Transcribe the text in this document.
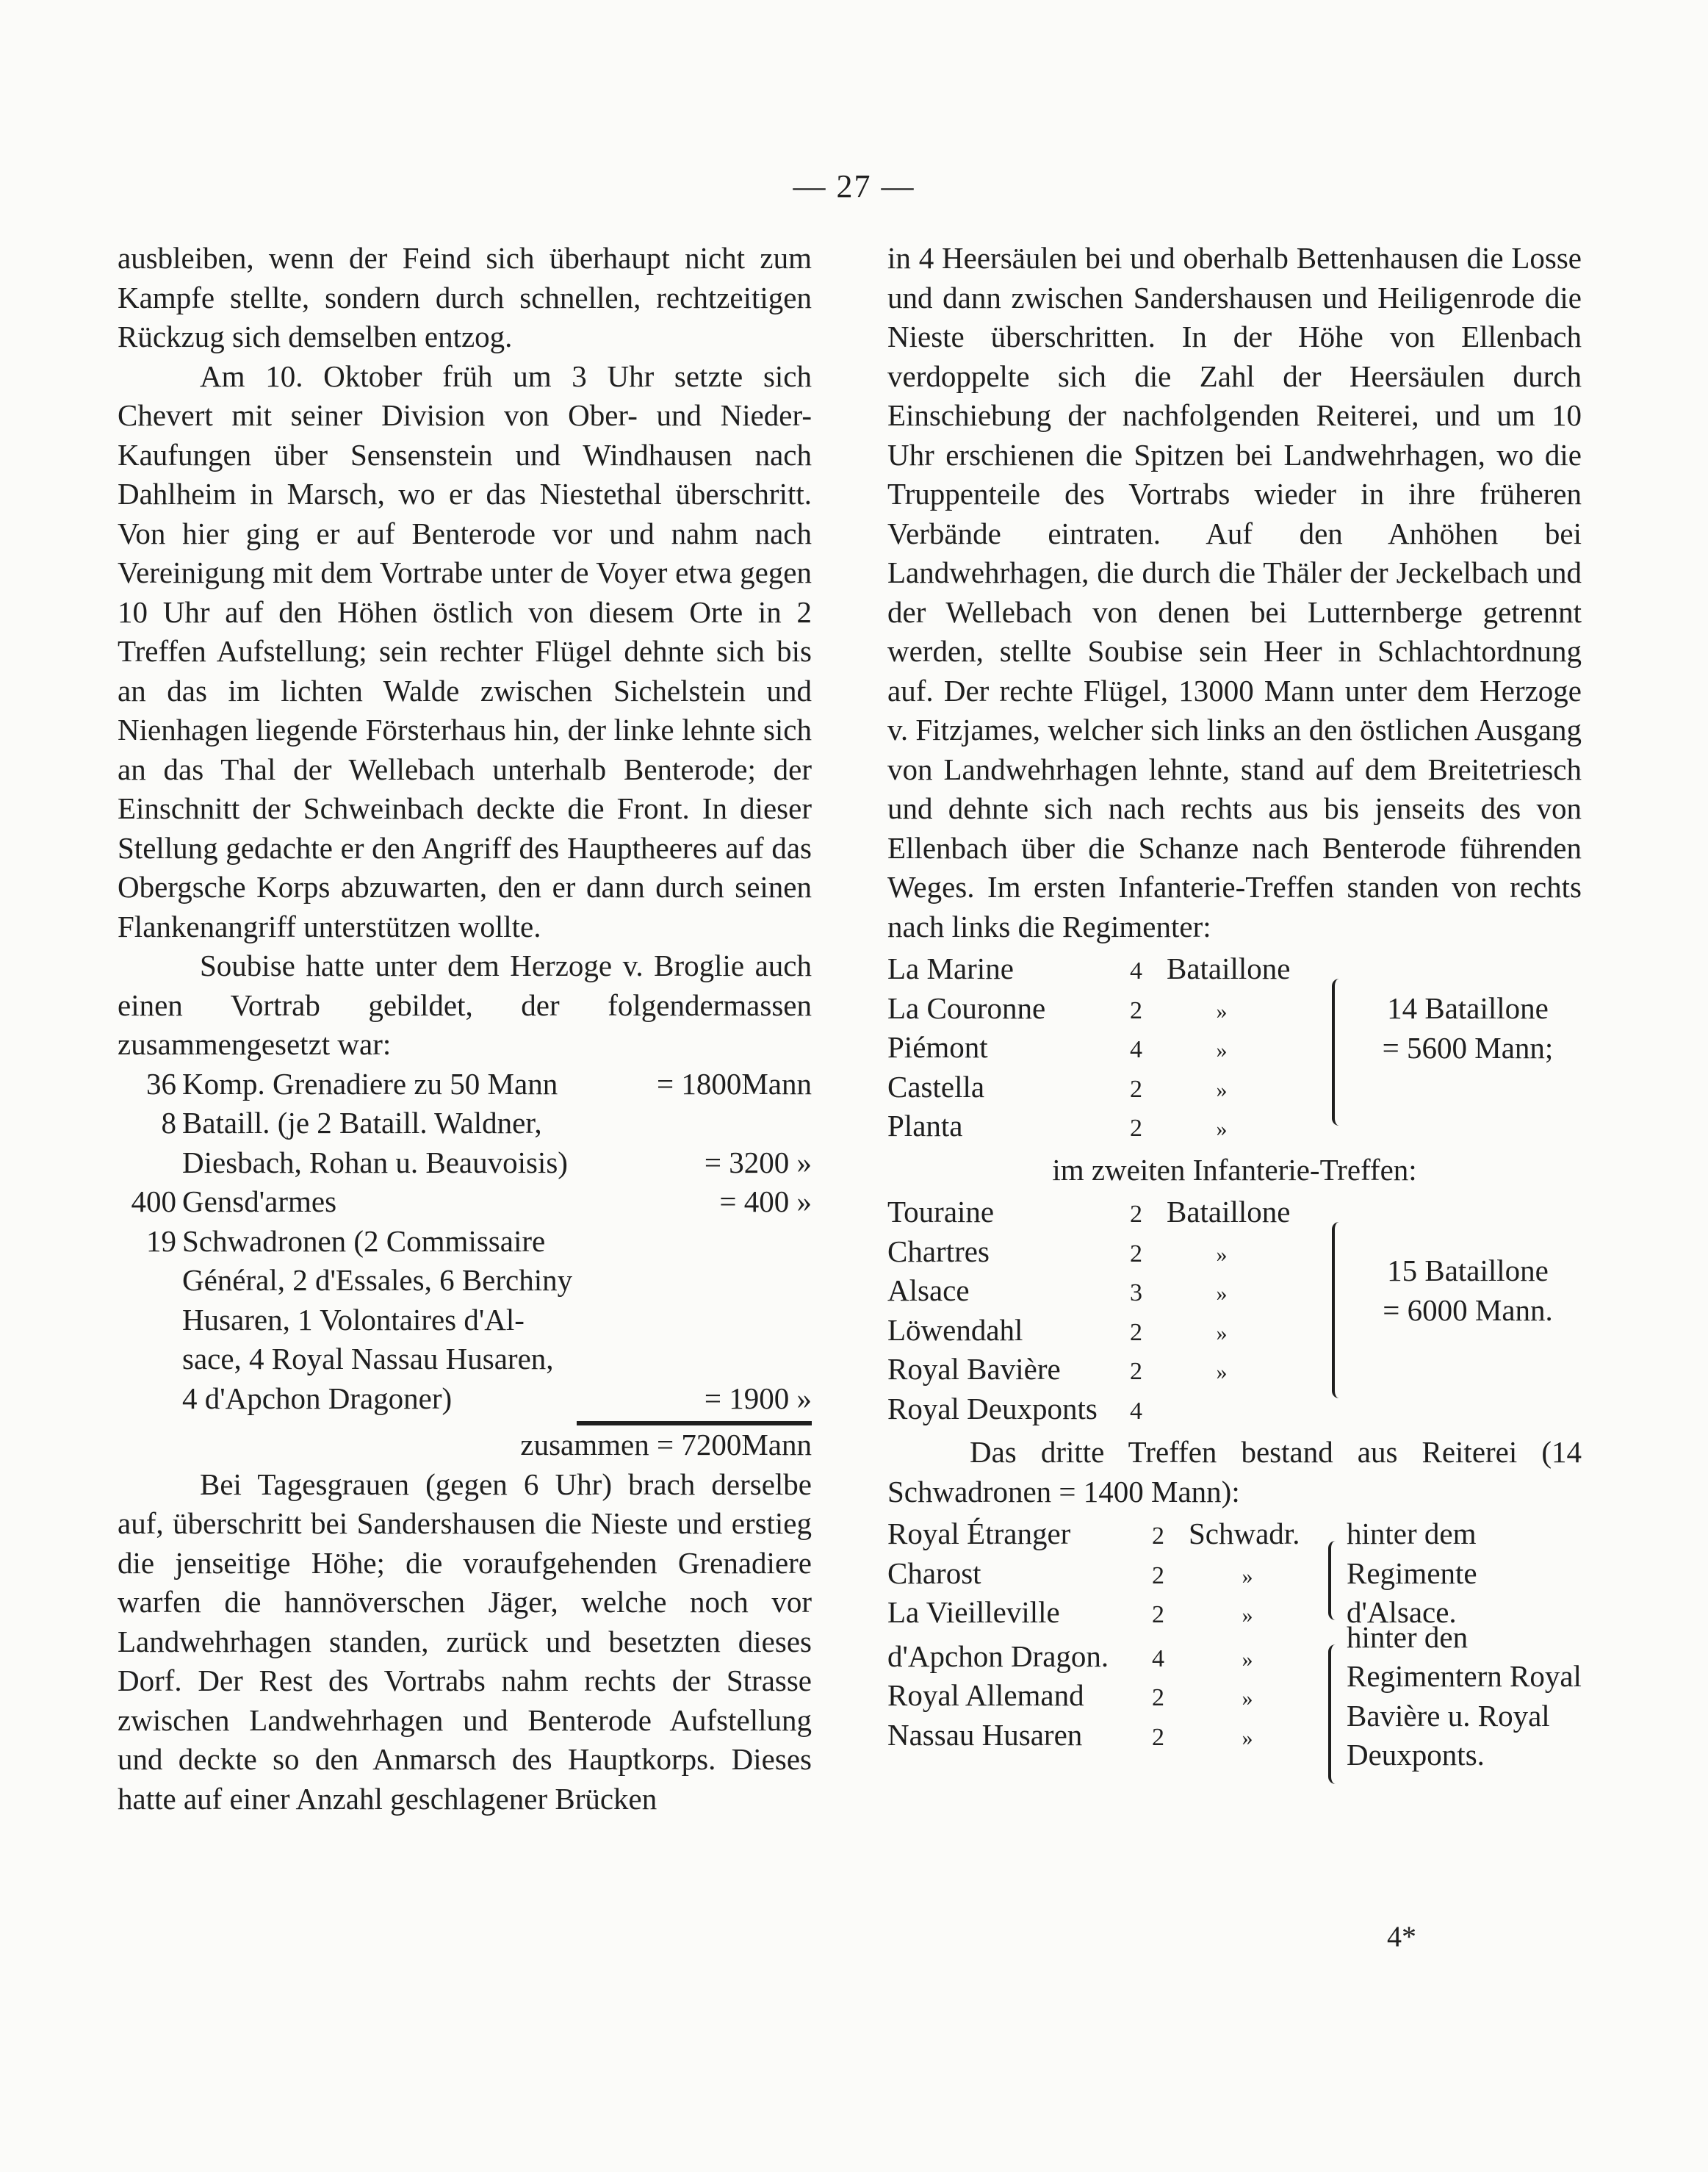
— 27 —

ausbleiben, wenn der Feind sich überhaupt nicht zum Kampfe stellte, sondern durch schnellen, rechtzeitigen Rückzug sich demselben entzog.

Am 10. Oktober früh um 3 Uhr setzte sich Chevert mit seiner Division von Ober- und Nieder-Kaufungen über Sensenstein und Windhausen nach Dahlheim in Marsch, wo er das Niestethal überschritt. Von hier ging er auf Benterode vor und nahm nach Vereinigung mit dem Vortrabe unter de Voyer etwa gegen 10 Uhr auf den Höhen östlich von diesem Orte in 2 Treffen Aufstellung; sein rechter Flügel dehnte sich bis an das im lichten Walde zwischen Sichelstein und Nienhagen liegende Försterhaus hin, der linke lehnte sich an das Thal der Wellebach unterhalb Benterode; der Einschnitt der Schweinbach deckte die Front. In dieser Stellung gedachte er den Angriff des Hauptheeres auf das Obergsche Korps abzuwarten, den er dann durch seinen Flankenangriff unterstützen wollte.

Soubise hatte unter dem Herzoge v. Broglie auch einen Vortrab gebildet, der folgendermassen zusammengesetzt war:

36 Komp. Grenadiere zu 50 Mann	= 1800Mann
8 Bataill. (je 2 Bataill. Waldner,
Diesbach, Rohan u. Beauvoisis)	= 3200 »
400 Gensd'armes	= 400 »
19 Schwadronen (2 Commissaire
Général, 2 d'Essales, 6 Berchiny
Husaren, 1 Volontaires d'Al-
sace, 4 Royal Nassau Husaren,
4 d'Apchon Dragoner)	= 1900 »
zusammen = 7200Mann

Bei Tagesgrauen (gegen 6 Uhr) brach derselbe auf, überschritt bei Sandershausen die Nieste und erstieg die jenseitige Höhe; die voraufgehenden Grenadiere warfen die hannöverschen Jäger, welche noch vor Landwehrhagen standen, zurück und besetzten dieses Dorf. Der Rest des Vortrabs nahm rechts der Strasse zwischen Landwehrhagen und Benterode Aufstellung und deckte so den Anmarsch des Hauptkorps. Dieses hatte auf einer Anzahl geschlagener Brücken

in 4 Heersäulen bei und oberhalb Bettenhausen die Losse und dann zwischen Sandershausen und Heiligenrode die Nieste überschritten. In der Höhe von Ellenbach verdoppelte sich die Zahl der Heersäulen durch Einschiebung der nachfolgenden Reiterei, und um 10 Uhr erschienen die Spitzen bei Landwehrhagen, wo die Truppenteile des Vortrabs wieder in ihre früheren Verbände eintraten. Auf den Anhöhen bei Landwehrhagen, die durch die Thäler der Jeckelbach und der Wellebach von denen bei Lutternberge getrennt werden, stellte Soubise sein Heer in Schlachtordnung auf. Der rechte Flügel, 13000 Mann unter dem Herzoge v. Fitzjames, welcher sich links an den östlichen Ausgang von Landwehrhagen lehnte, stand auf dem Breitetriesch und dehnte sich nach rechts aus bis jenseits des von Ellenbach über die Schanze nach Benterode führenden Weges. Im ersten Infanterie-Treffen standen von rechts nach links die Regimenter:

La Marine	4 Bataillone
La Couronne	2	»
Piémont	4	»
Castella	2	»
Planta	2	»
14 Bataillone
= 5600 Mann;

im zweiten Infanterie-Treffen:

Touraine	2 Bataillone
Chartres	2	»
Alsace	3	»
Löwendahl	2	»
Royal Bavière	2	»
Royal Deuxponts	4
15 Bataillone
= 6000 Mann.

Das dritte Treffen bestand aus Reiterei (14 Schwadronen = 1400 Mann):

Royal Étranger	2 Schwadr.
Charost	2	»
La Vieilleville	2	»
hinter dem Regimente d'Alsace.
d'Apchon Dragon.	4	»
Royal Allemand	2	»
Nassau Husaren	2	»
hinter den Regimentern Royal Bavière u. Royal Deuxponts.
4*
